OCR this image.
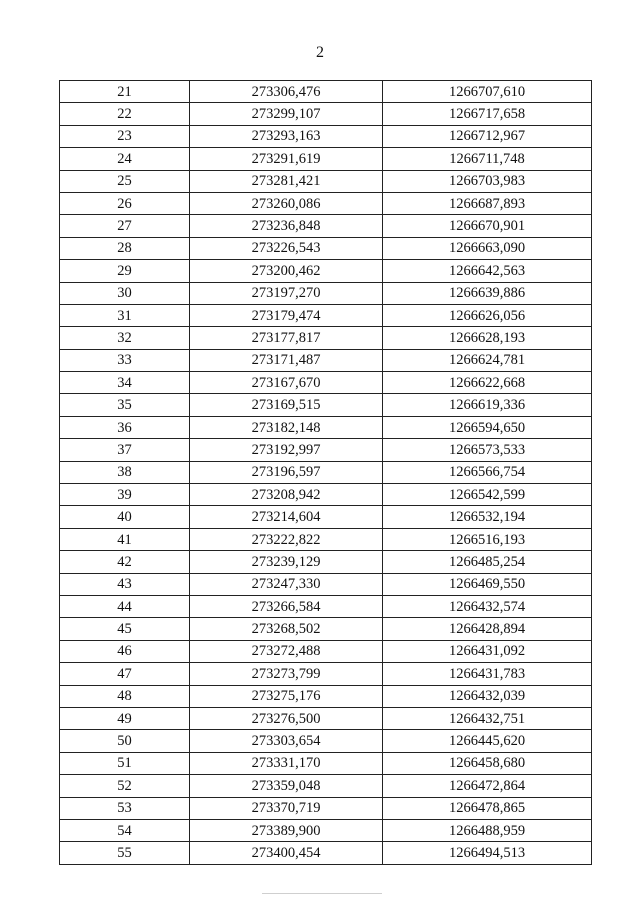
2
21	273306,476	1266707,610
22	273299,107	1266717,658
23	273293,163	1266712,967
24	273291,619	1266711,748
25	273281,421	1266703,983
26	273260,086	1266687,893
27	273236,848	1266670,901
28	273226,543	1266663,090
29	273200,462	1266642,563
30	273197,270	1266639,886
31	273179,474	1266626,056
32	273177,817	1266628,193
33	273171,487	1266624,781
34	273167,670	1266622,668
35	273169,515	1266619,336
36	273182,148	1266594,650
37	273192,997	1266573,533
38	273196,597	1266566,754
39	273208,942	1266542,599
40	273214,604	1266532,194
41	273222,822	1266516,193
42	273239,129	1266485,254
43	273247,330	1266469,550
44	273266,584	1266432,574
45	273268,502	1266428,894
46	273272,488	1266431,092
47	273273,799	1266431,783
48	273275,176	1266432,039
49	273276,500	1266432,751
50	273303,654	1266445,620
51	273331,170	1266458,680
52	273359,048	1266472,864
53	273370,719	1266478,865
54	273389,900	1266488,959
55	273400,454	1266494,513
